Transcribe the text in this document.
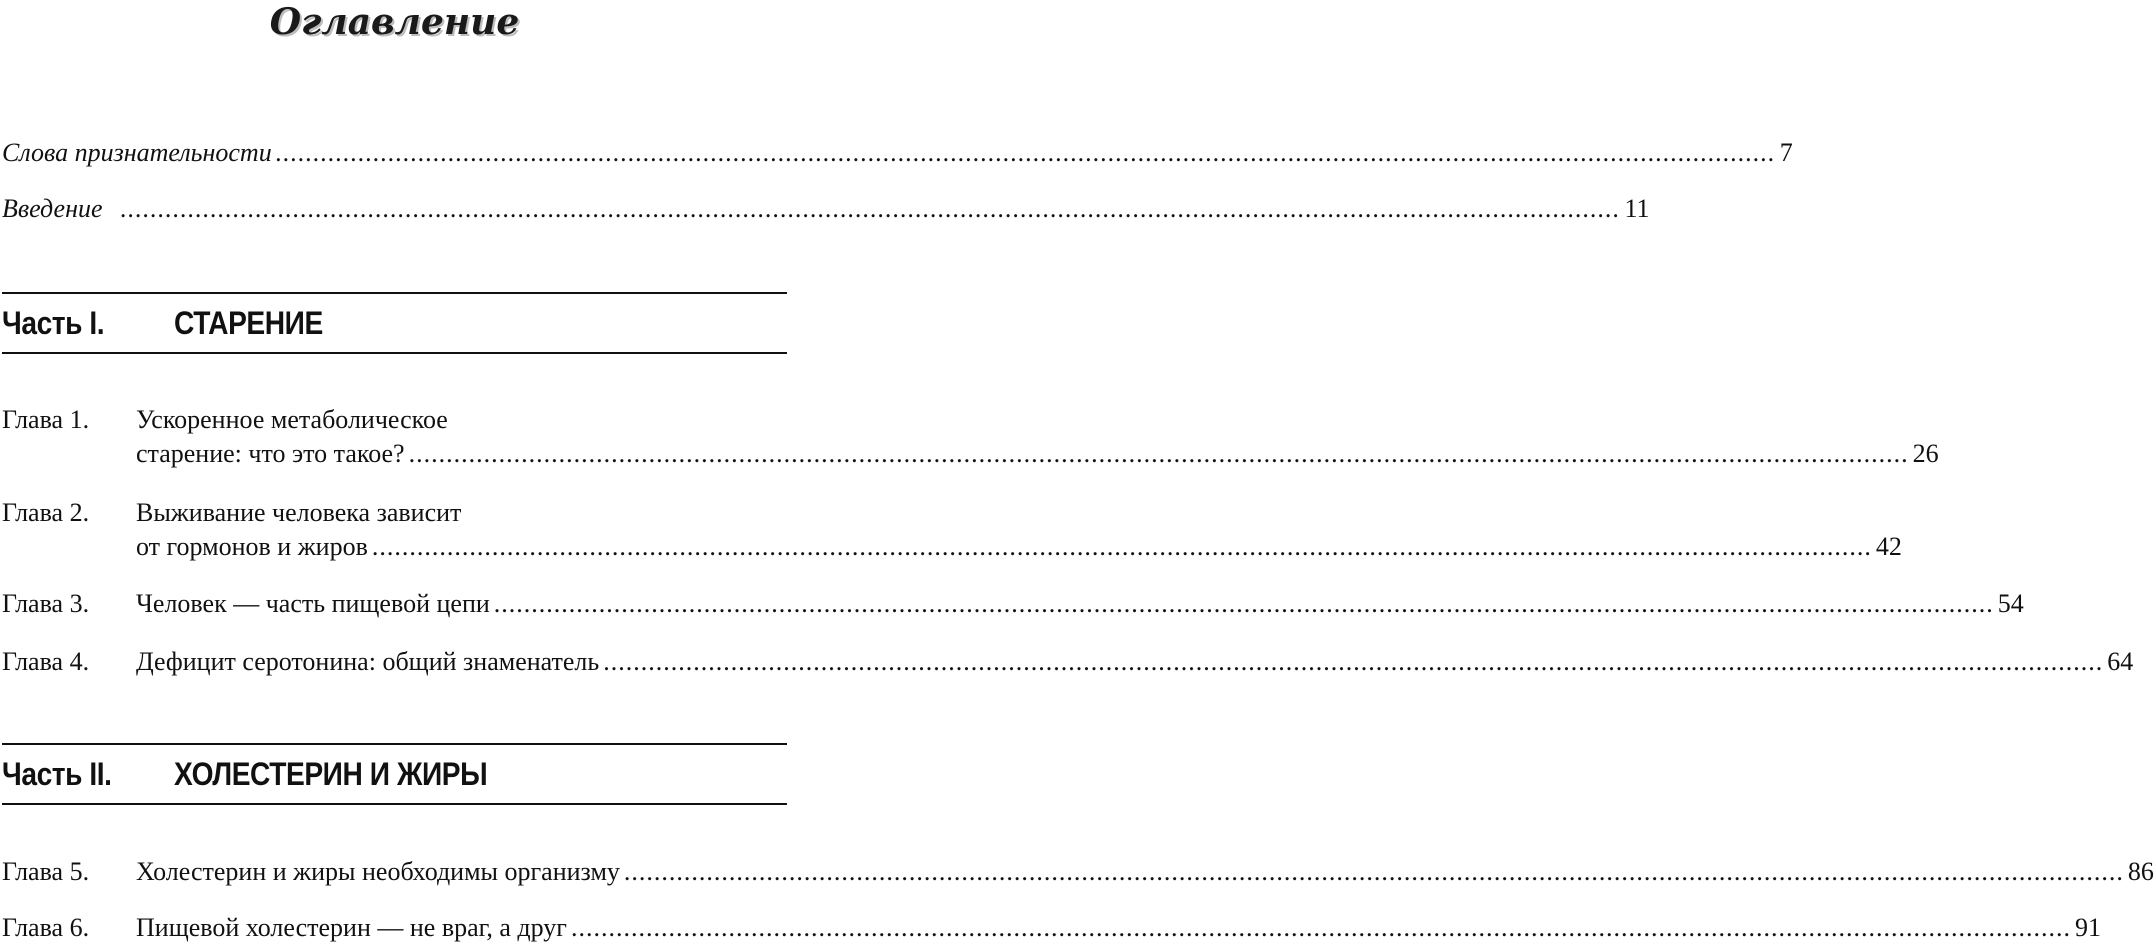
Оглавление
Слова признательности ........................................................................................................................................................................................................ 7
Введение ........................................................................................................................................................................................................ 11
Часть I.	СТАРЕНИЕ
Глава 1. Ускоренное метаболическое
старение: что это такое? ........................................................................................................................................................................................................ 26
Глава 2. Выживание человека зависит
от гормонов и жиров ........................................................................................................................................................................................................ 42
Глава 3. Человек — часть пищевой цепи ........................................................................................................................................................................................................ 54
Глава 4. Дефицит серотонина: общий знаменатель ........................................................................................................................................................................................................ 64
Часть II.	ХОЛЕСТЕРИН И ЖИРЫ
Глава 5. Холестерин и жиры необходимы организму ........................................................................................................................................................................................................ 86
Глава 6. Пищевой холестерин — не враг, а друг ........................................................................................................................................................................................................ 91
